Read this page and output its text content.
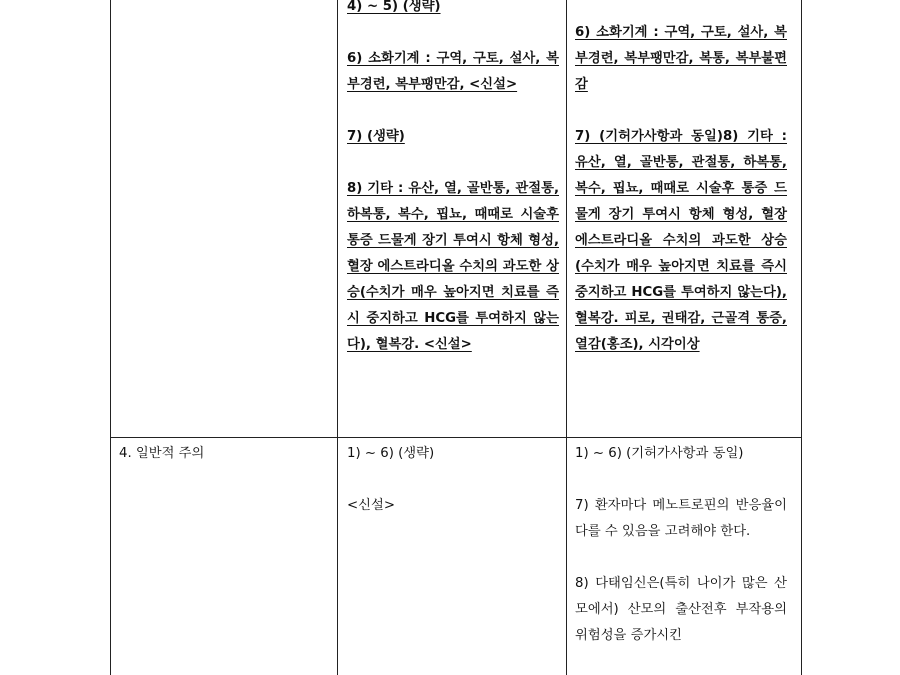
4) ~ 5) (생략)

6) 소화기계 : 구역, 구토, 설사, 복부경련, 복부팽만감, <신설>

7) (생략)

8) 기타 : 유산, 열, 골반통, 관절통, 하복통, 복수, 핍뇨, 때때로 시술후 통증 드물게 장기 투여시 항체 형성, 혈장 에스트라디올 수치의 과도한 상승(수치가 매우 높아지면 치료를 즉시 중지하고 HCG를 투여하지 않는다), 혈복강. <신설>

6) 소화기계 : 구역, 구토, 설사, 복부경련, 복부팽만감, 복통, 복부불편감

7) (기허가사항과 동일)8) 기타 : 유산, 열, 골반통, 관절통, 하복통, 복수, 핍뇨, 때때로 시술후 통증 드물게 장기 투여시 항체 형성, 혈장 에스트라디올 수치의 과도한 상승(수치가 매우 높아지면 치료를 즉시 중지하고 HCG를 투여하지 않는다), 혈복강. 피로, 권태감, 근골격 통증, 열감(홍조), 시각이상

4. 일반적 주의	1) ~ 6) (생략)

<신설>

1) ~ 6) (기허가사항과 동일)

7) 환자마다 메노트로핀의 반응율이 다를 수 있음을 고려해야 한다.

8) 다태임신은(특히 나이가 많은 산모에서) 산모의 출산전후 부작용의 위험성을 증가시킨
